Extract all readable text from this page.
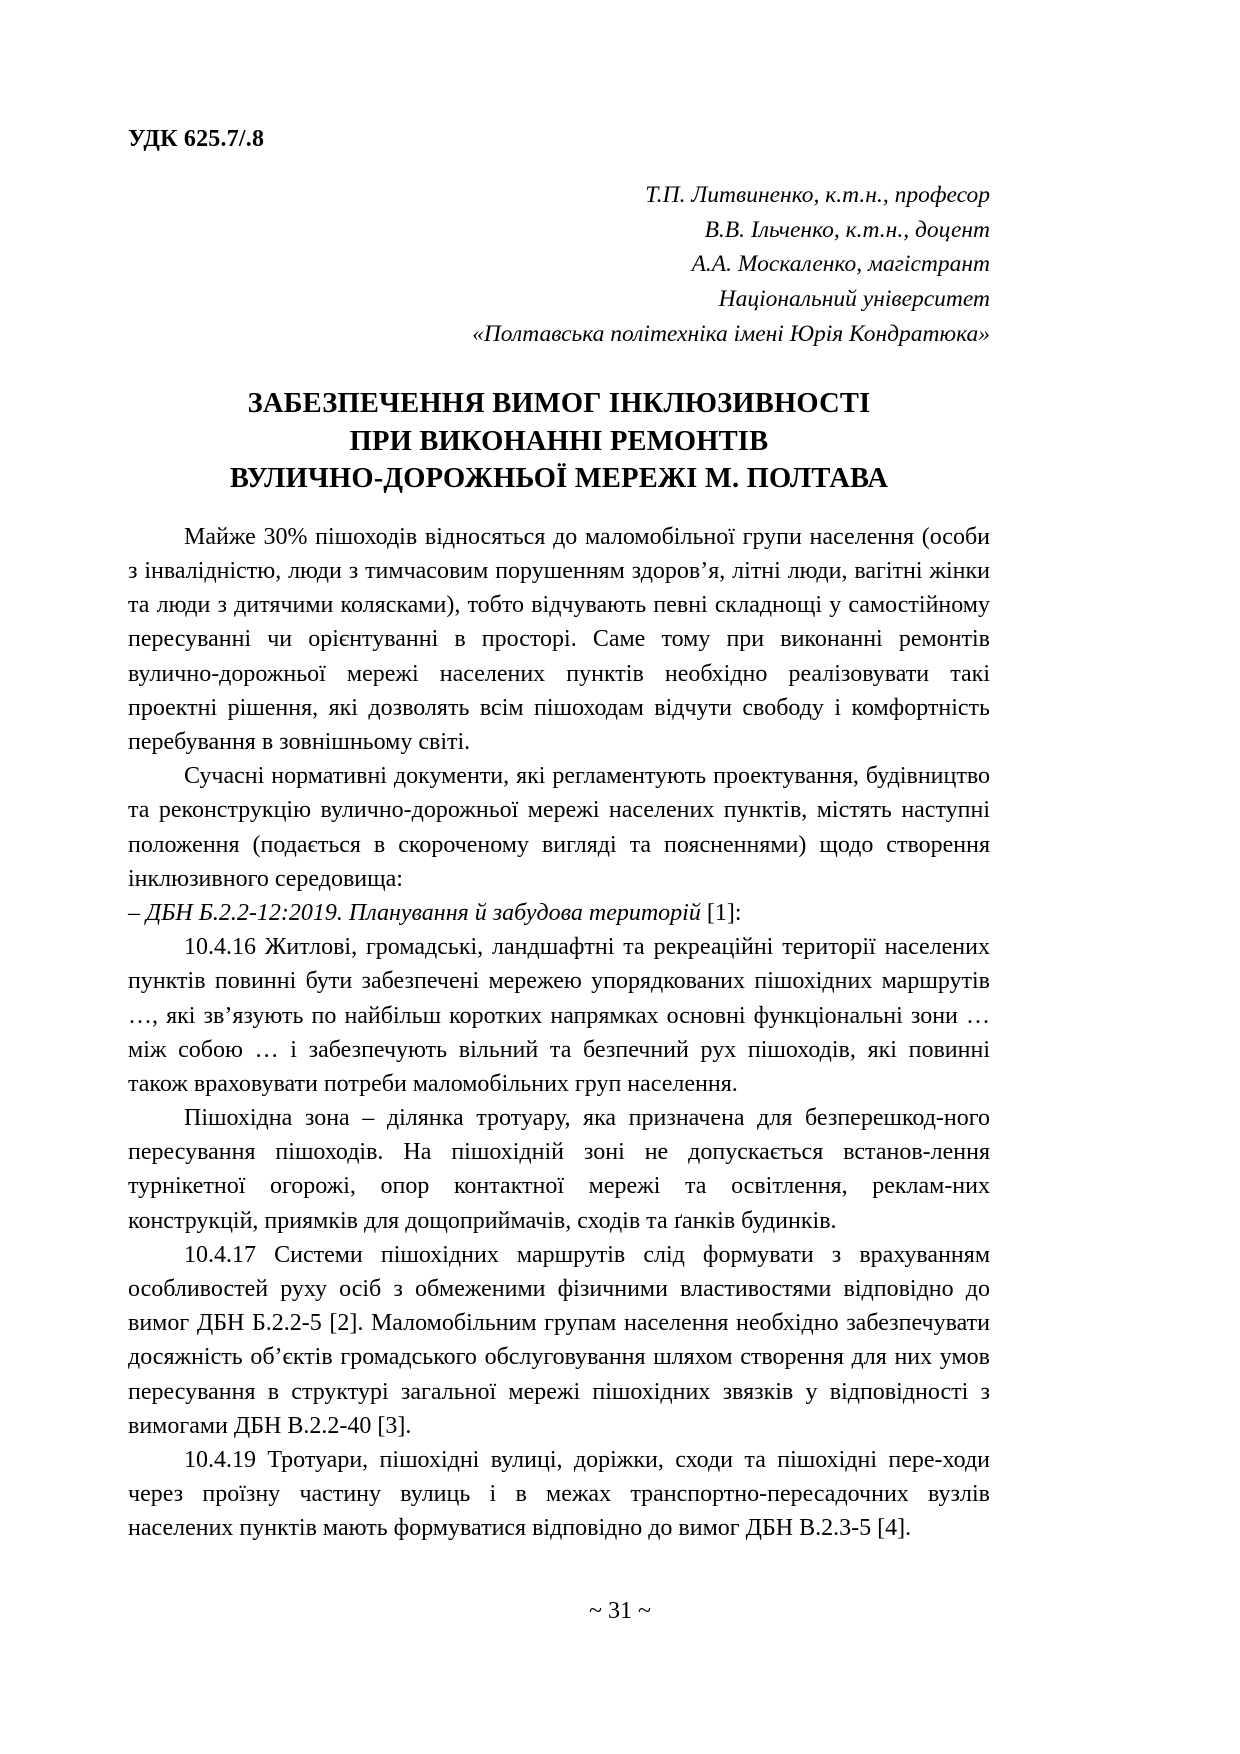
УДК 625.7/.8
Т.П. Литвиненко, к.т.н., професор
В.В. Ільченко, к.т.н., доцент
А.А. Москаленко, магістрант
Національний університет
«Полтавська політехніка імені Юрія Кондратюка»
ЗАБЕЗПЕЧЕННЯ ВИМОГ ІНКЛЮЗИВНОСТІ
ПРИ ВИКОНАННІ РЕМОНТІВ
ВУЛИЧНО-ДОРОЖНЬОЇ МЕРЕЖІ М. ПОЛТАВА

Майже 30% пішоходів відносяться до маломобільної групи населення (особи з інвалідністю, люди з тимчасовим порушенням здоров’я, літні люди, вагітні жінки та люди з дитячими колясками), тобто відчувають певні складнощі у самостійному пересуванні чи орієнтуванні в просторі. Саме тому при виконанні ремонтів вулично-дорожньої мережі населених пунктів необхідно реалізовувати такі проектні рішення, які дозволять всім пішоходам відчути свободу і комфортність перебування в зовнішньому світі.

Сучасні нормативні документи, які регламентують проектування, будівництво та реконструкцію вулично-дорожньої мережі населених пунктів, містять наступні положення (подається в скороченому вигляді та поясненнями) щодо створення інклюзивного середовища:

– ДБН Б.2.2-12:2019. Планування й забудова територій [1]:

10.4.16 Житлові, громадські, ландшафтні та рекреаційні території населених пунктів повинні бути забезпечені мережею упорядкованих пішохідних маршрутів …, які зв’язують по найбільш коротких напрямках основні функціональні зони … між собою … і забезпечують вільний та безпечний рух пішоходів, які повинні також враховувати потреби маломобільних груп населення.

Пішохідна зона – ділянка тротуару, яка призначена для безперешкод-ного пересування пішоходів. На пішохідній зоні не допускається встанов-лення турнікетної огорожі, опор контактної мережі та освітлення, реклам-них конструкцій, приямків для дощоприймачів, сходів та ґанків будинків.

10.4.17 Системи пішохідних маршрутів слід формувати з врахуванням особливостей руху осіб з обмеженими фізичними властивостями відповідно до вимог ДБН Б.2.2-5 [2]. Маломобільним групам населення необхідно забезпечувати досяжність об’єктів громадського обслуговування шляхом створення для них умов пересування в структурі загальної мережі пішохідних звязків у відповідності з вимогами ДБН В.2.2-40 [3].

10.4.19 Тротуари, пішохідні вулиці, доріжки, сходи та пішохідні пере-ходи через проїзну частину вулиць і в межах транспортно-пересадочних вузлів населених пунктів мають формуватися відповідно до вимог ДБН В.2.3-5 [4].

~ 31 ~
